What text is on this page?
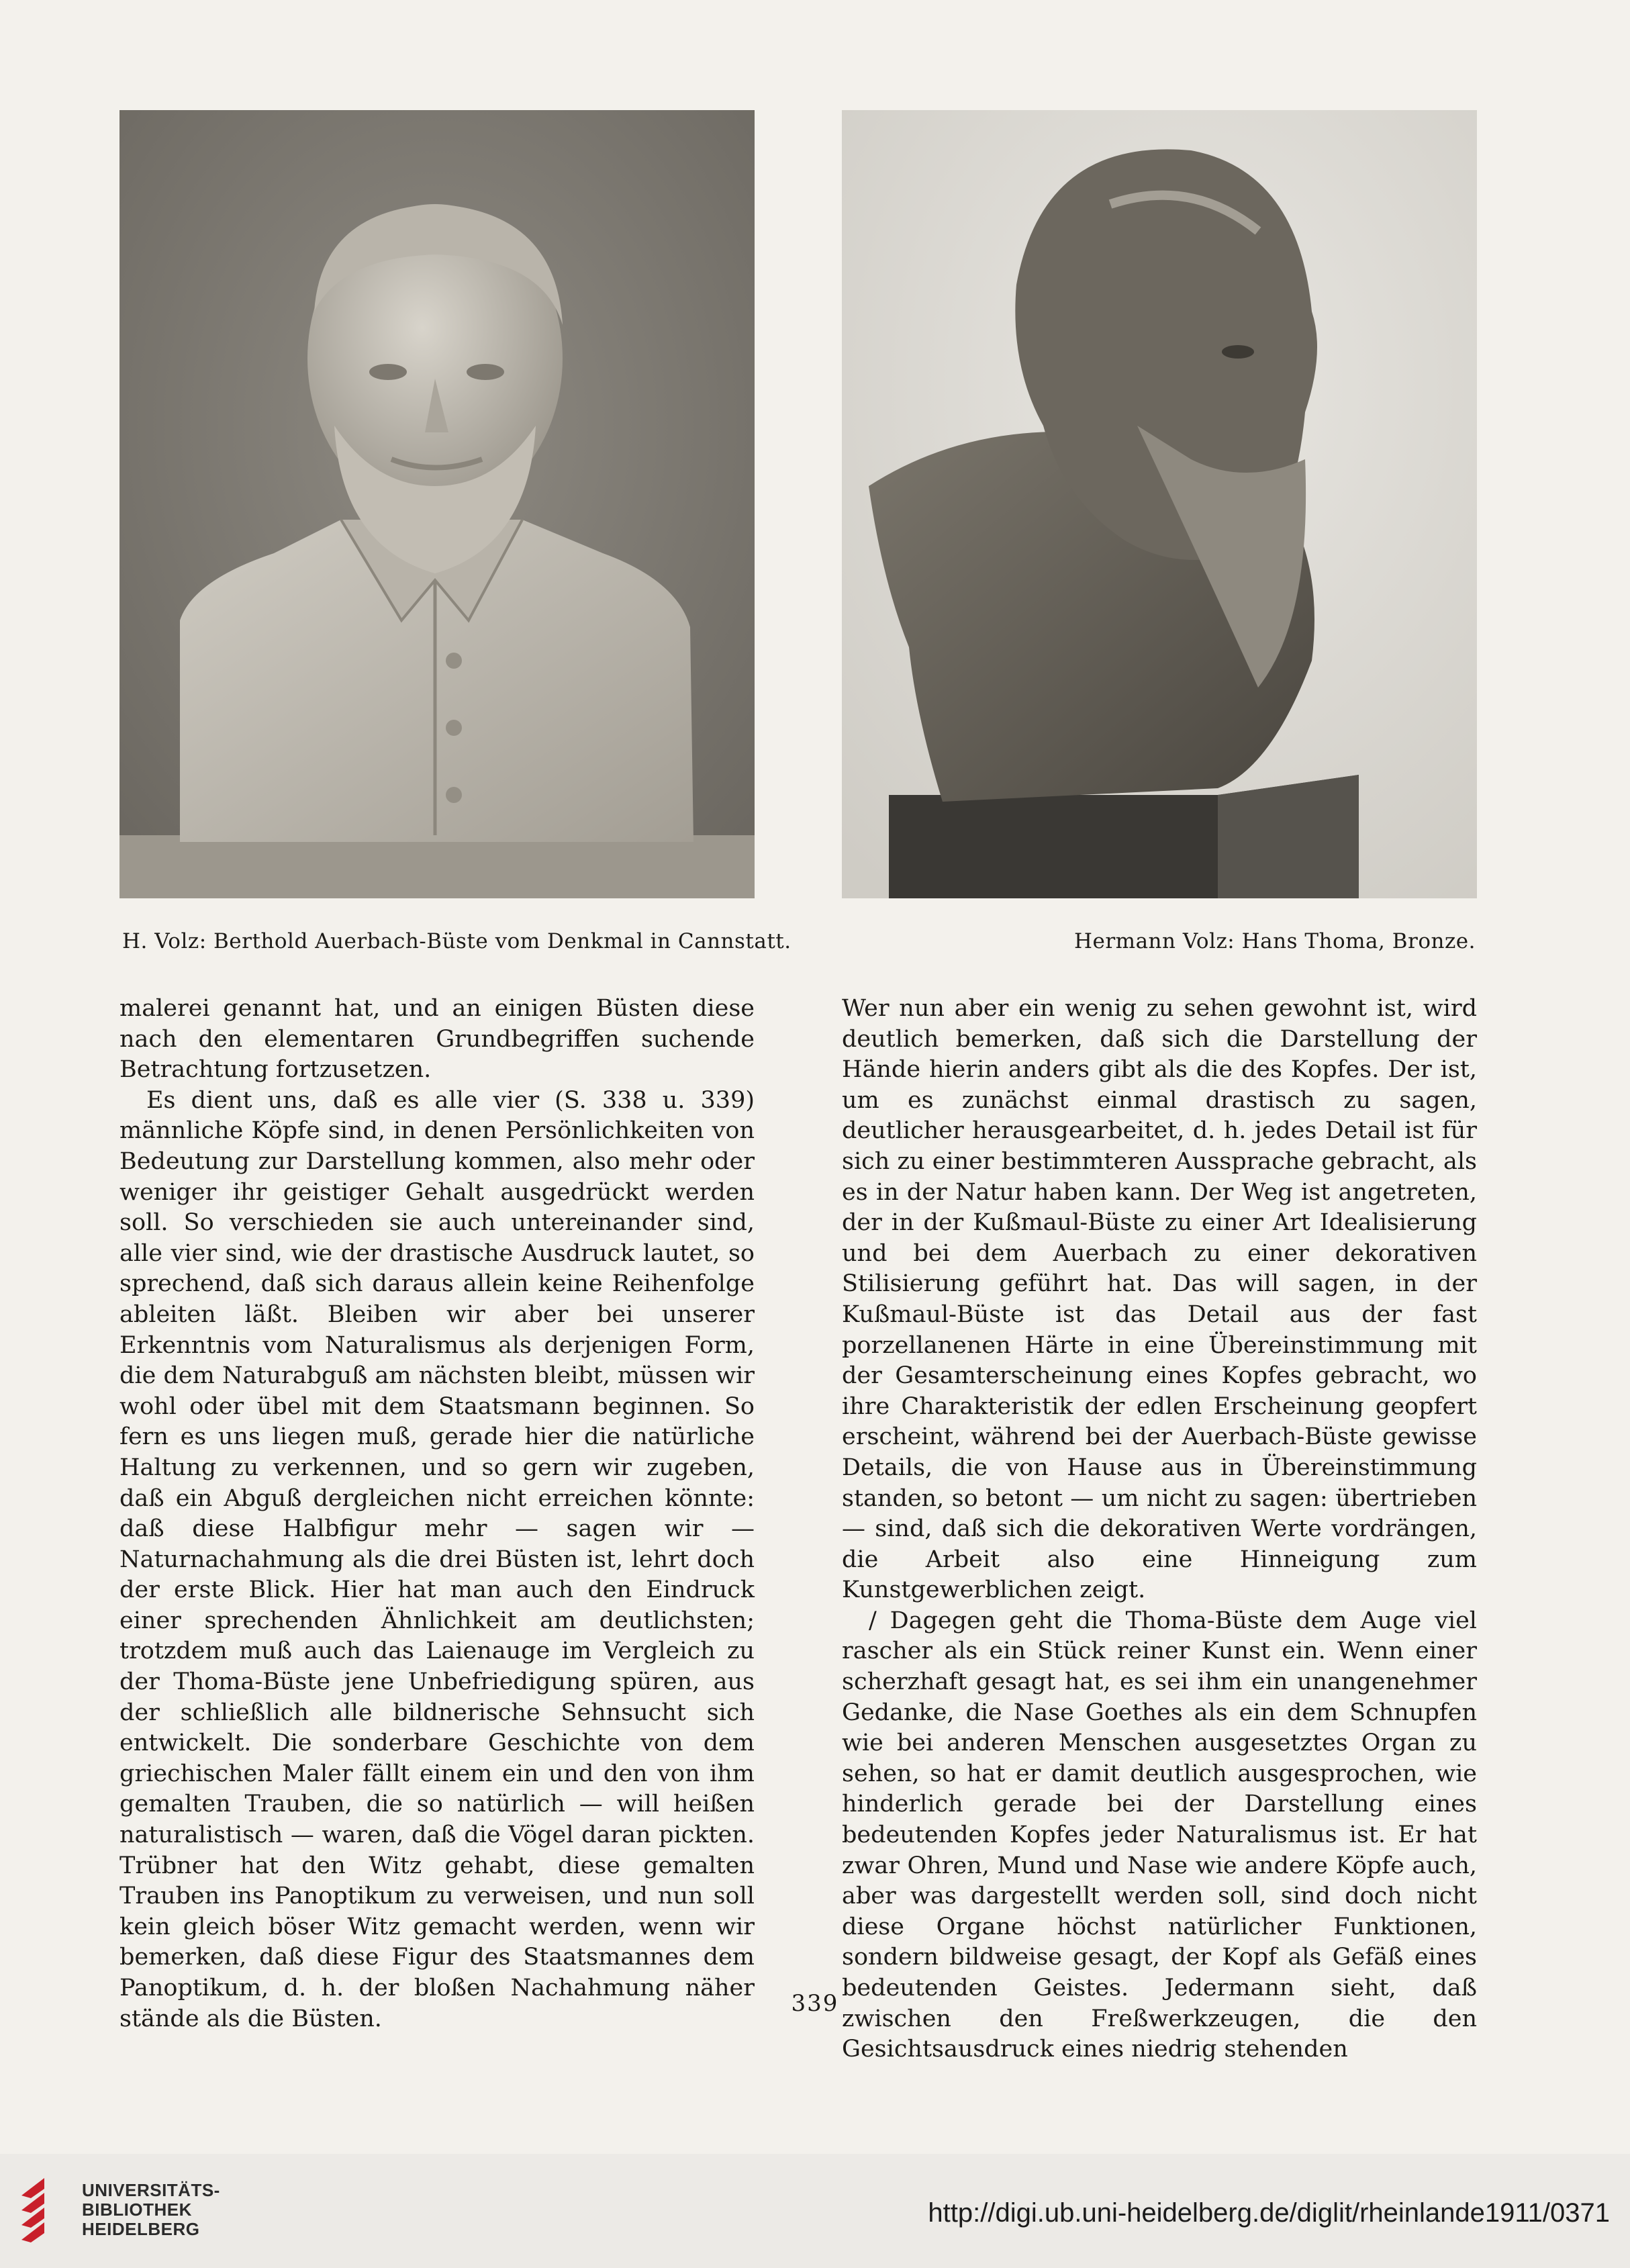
H. Volz: Berthold Auerbach-Büste vom Denkmal in Cannstatt.	Hermann Volz: Hans Thoma, Bronze.

malerei genannt hat, und an einigen Büsten diese nach den elementaren Grundbegriffen suchende Betrachtung fortzusetzen.

Es dient uns, daß es alle vier (S. 338 u. 339) männliche Köpfe sind, in denen Persönlichkeiten von Bedeutung zur Darstellung kommen, also mehr oder weniger ihr geistiger Gehalt ausgedrückt werden soll. So verschieden sie auch untereinander sind, alle vier sind, wie der drastische Ausdruck lautet, so sprechend, daß sich daraus allein keine Reihenfolge ableiten läßt. Bleiben wir aber bei unserer Erkenntnis vom Naturalismus als derjenigen Form, die dem Naturabguß am nächsten bleibt, müssen wir wohl oder übel mit dem Staatsmann beginnen. So fern es uns liegen muß, gerade hier die natürliche Haltung zu verkennen, und so gern wir zugeben, daß ein Abguß dergleichen nicht erreichen könnte: daß diese Halbfigur mehr — sagen wir — Naturnachahmung als die drei Büsten ist, lehrt doch der erste Blick. Hier hat man auch den Eindruck einer sprechenden Ähnlichkeit am deutlichsten; trotzdem muß auch das Laienauge im Vergleich zu der Thoma-Büste jene Unbefriedigung spüren, aus der schließlich alle bildnerische Sehnsucht sich entwickelt. Die sonderbare Geschichte von dem griechischen Maler fällt einem ein und den von ihm gemalten Trauben, die so natürlich — will heißen naturalistisch — waren, daß die Vögel daran pickten. Trübner hat den Witz gehabt, diese gemalten Trauben ins Panoptikum zu verweisen, und nun soll kein gleich böser Witz gemacht werden, wenn wir bemerken, daß diese Figur des Staatsmannes dem Panoptikum, d. h. der bloßen Nachahmung näher stände als die Büsten.

Wer nun aber ein wenig zu sehen gewohnt ist, wird deutlich bemerken, daß sich die Darstellung der Hände hierin anders gibt als die des Kopfes. Der ist, um es zunächst einmal drastisch zu sagen, deutlicher herausgearbeitet, d. h. jedes Detail ist für sich zu einer bestimmteren Aussprache gebracht, als es in der Natur haben kann. Der Weg ist angetreten, der in der Kußmaul-Büste zu einer Art Idealisierung und bei dem Auerbach zu einer dekorativen Stilisierung geführt hat. Das will sagen, in der Kußmaul-Büste ist das Detail aus der fast porzellanenen Härte in eine Übereinstimmung mit der Gesamterscheinung eines Kopfes gebracht, wo ihre Charakteristik der edlen Erscheinung geopfert erscheint, während bei der Auerbach-Büste gewisse Details, die von Hause aus in Übereinstimmung standen, so betont — um nicht zu sagen: übertrieben — sind, daß sich die dekorativen Werte vordrängen, die Arbeit also eine Hinneigung zum Kunstgewerblichen zeigt.

/ Dagegen geht die Thoma-Büste dem Auge viel rascher als ein Stück reiner Kunst ein. Wenn einer scherzhaft gesagt hat, es sei ihm ein unangenehmer Gedanke, die Nase Goethes als ein dem Schnupfen wie bei anderen Menschen ausgesetztes Organ zu sehen, so hat er damit deutlich ausgesprochen, wie hinderlich gerade bei der Darstellung eines bedeutenden Kopfes jeder Naturalismus ist. Er hat zwar Ohren, Mund und Nase wie andere Köpfe auch, aber was dargestellt werden soll, sind doch nicht diese Organe höchst natürlicher Funktionen, sondern bildweise gesagt, der Kopf als Gefäß eines bedeutenden Geistes. Jedermann sieht, daß zwischen den Freßwerkzeugen, die den Gesichtsausdruck eines niedrig stehenden

339
UNIVERSITÄTS-
BIBLIOTHEK
HEIDELBERG
http://digi.ub.uni-heidelberg.de/diglit/rheinlande1911/0371
